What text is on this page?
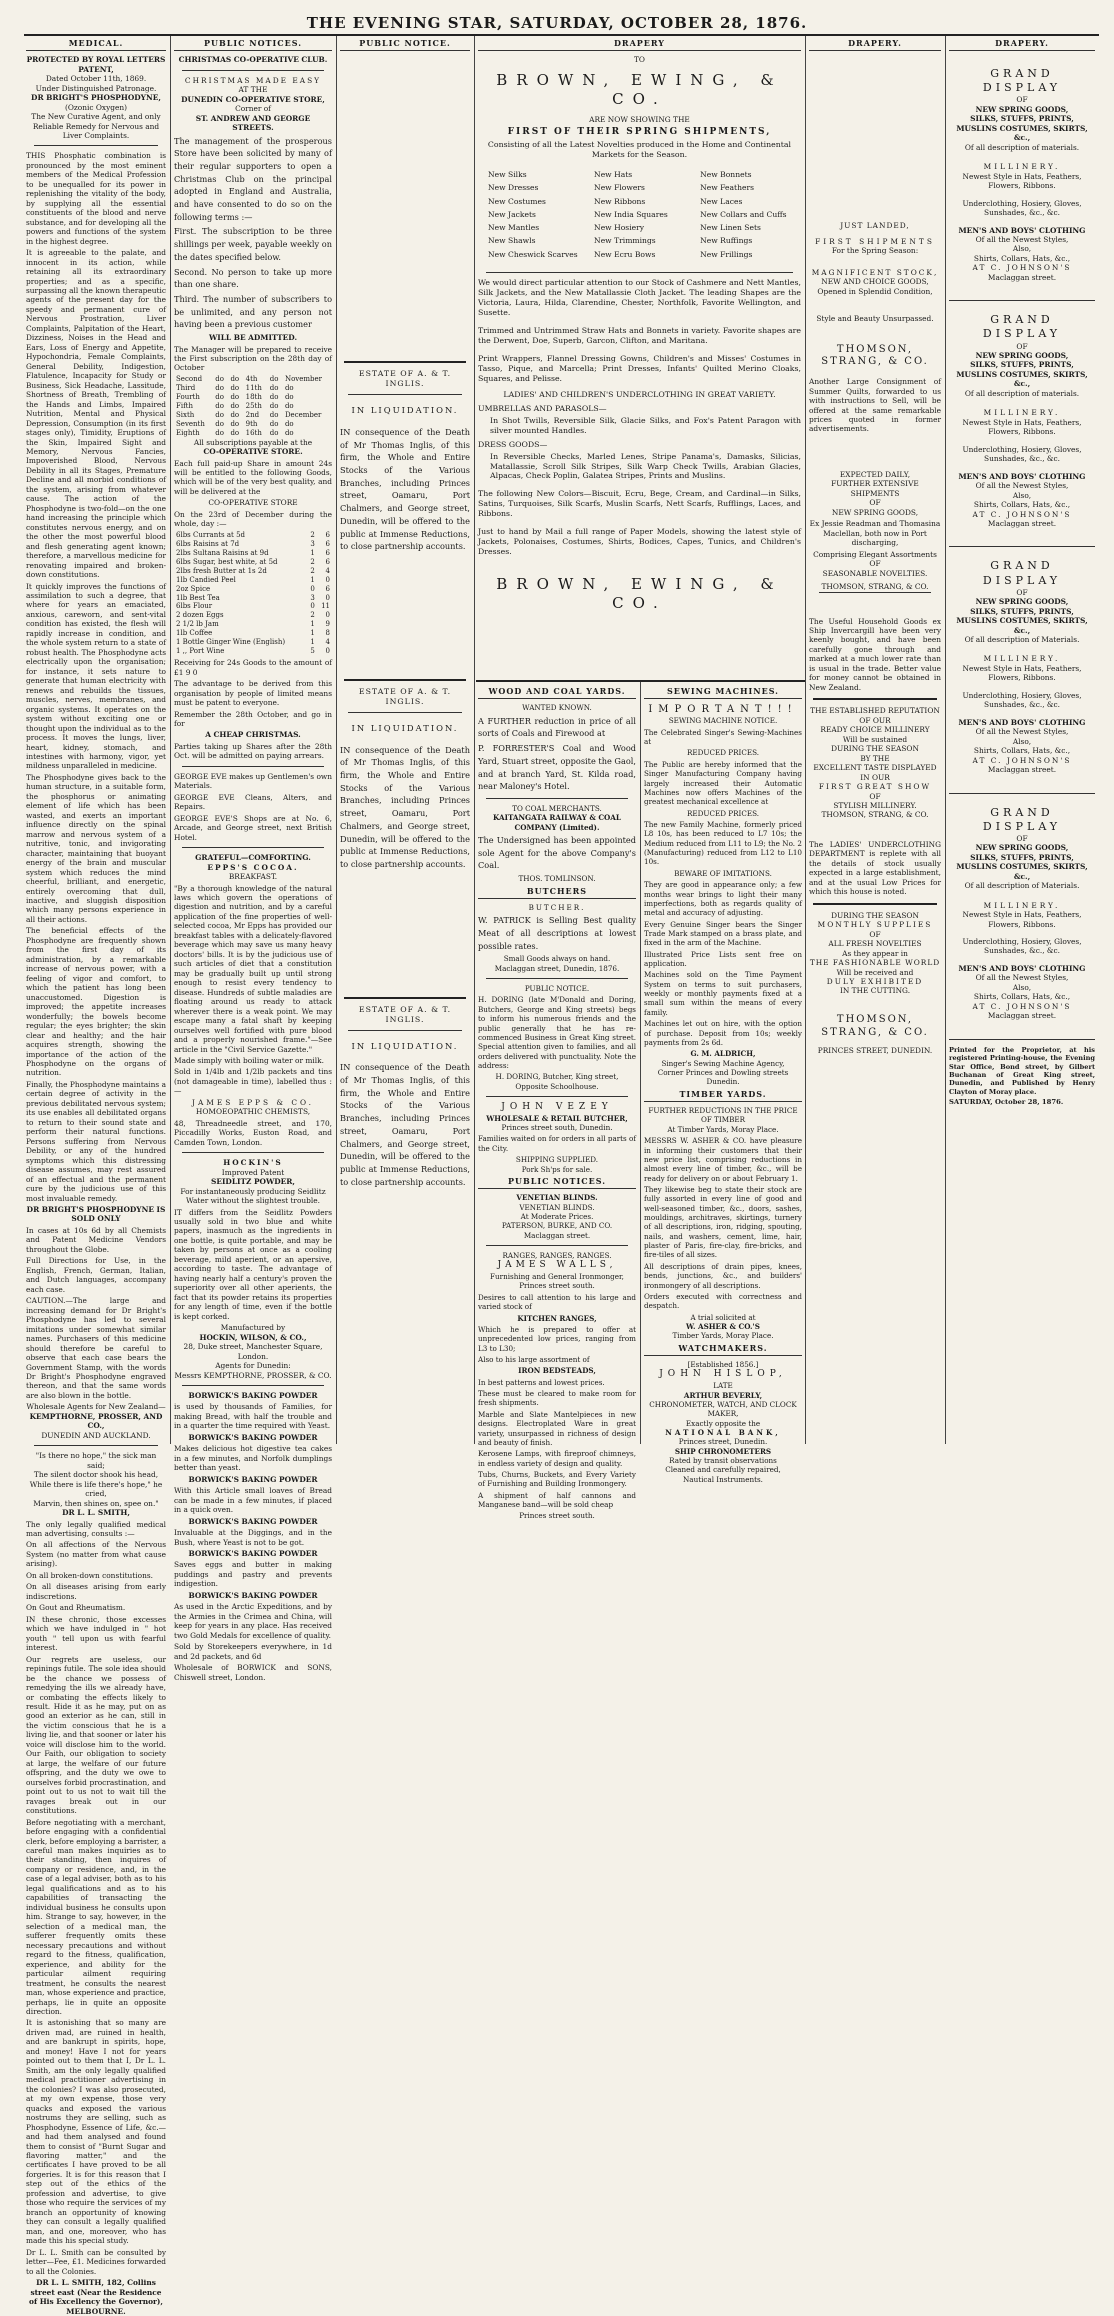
THE EVENING STAR, SATURDAY, OCTOBER 28, 1876.
MEDICAL.
PROTECTED BY ROYAL LETTERS PATENT,
Dated October 11th, 1869.
Under Distinguished Patronage.
DR BRIGHT'S PHOSPHODYNE,
(Ozonic Oxygen)
The New Curative Agent, and only Reliable Remedy for Nervous and Liver Complaints.

THIS Phosphatic combination is pronounced by the most eminent members of the Medical Profession to be unequalled for its power in replenishing the vitality of the body, by supplying all the essential constituents of the blood and nerve substance, and for developing all the powers and functions of the system in the highest degree.

It is agreeable to the palate, and innocent in its action, while retaining all its extraordinary properties; and as a specific, surpassing all the known therapeutic agents of the present day for the speedy and permanent cure of Nervous Prostration, Liver Complaints, Palpitation of the Heart, Dizziness, Noises in the Head and Ears, Loss of Energy and Appetite, Hypochondria, Female Complaints, General Debility, Indigestion, Flatulence, Incapacity for Study or Business, Sick Headache, Lassitude, Shortness of Breath, Trembling of the Hands and Limbs, Impaired Nutrition, Mental and Physical Depression, Consumption (in its first stages only), Timidity, Eruptions of the Skin, Impaired Sight and Memory, Nervous Fancies, Impoverished Blood, Nervous Debility in all its Stages, Premature Decline and all morbid conditions of the system, arising from whatever cause. The action of the Phosphodyne is two-fold—on the one hand increasing the principle which constitutes nervous energy, and on the other the most powerful blood and flesh generating agent known; therefore, a marvellous medicine for renovating impaired and broken-down constitutions.

It quickly improves the functions of assimilation to such a degree, that where for years an emaciated, anxious, careworn, and sent-vital condition has existed, the flesh will rapidly increase in condition, and the whole system return to a state of robust health. The Phosphodyne acts electrically upon the organisation; for instance, it sets nature to generate that human electricity with renews and rebuilds the tissues, muscles, nerves, membranes, and organic systems. It operates on the system without exciting one or thought upon the individual as to the process. It moves the lungs, liver, heart, kidney, stomach, and intestines with harmony, vigor, yet mildness unparalleled in medicine.

The Phosphodyne gives back to the human structure, in a suitable form, the phosphorus or animating element of life which has been wasted, and exerts an important influence directly on the spinal marrow and nervous system of a nutritive, tonic, and invigorating character, maintaining that buoyant energy of the brain and muscular system which reduces the mind cheerful, brilliant, and energetic, entirely overcoming that dull, inactive, and sluggish disposition which many persons experience in all their actions.

The beneficial effects of the Phosphodyne are frequently shown from the first day of its administration, by a remarkable increase of nervous power, with a feeling of vigor and comfort, to which the patient has long been unaccustomed. Digestion is improved; the appetite increases wonderfully; the bowels become regular; the eyes brighter; the skin clear and healthy; and the hair acquires strength, showing the importance of the action of the Phosphodyne on the organs of nutrition.

Finally, the Phosphodyne maintains a certain degree of activity in the previous debilitated nervous system; its use enables all debilitated organs to return to their sound state and perform their natural functions. Persons suffering from Nervous Debility, or any of the hundred symptoms which this distressing disease assumes, may rest assured of an effectual and the permanent cure by the judicious use of this most invaluable remedy.

DR BRIGHT'S PHOSPHODYNE IS SOLD ONLY

In cases at 10s 6d by all Chemists and Patent Medicine Vendors throughout the Globe.

Full Directions for Use, in the English, French, German, Italian, and Dutch languages, accompany each case.

CAUTION.—The large and increasing demand for Dr Bright's Phosphodyne has led to several imitations under somewhat similar names. Purchasers of this medicine should therefore be careful to observe that each case bears the Government Stamp, with the words Dr Bright's Phosphodyne engraved thereon, and that the same words are also blown in the bottle.

Wholesale Agents for New Zealand—
KEMPTHORNE, PROSSER, AND CO.,
DUNEDIN AND AUCKLAND.
"Is there no hope," the sick man said;
The silent doctor shook his head,
While there is life there's hope," he cried,
Marvin, then shines on, spee on."
DR L. L. SMITH,

The only legally qualified medical man advertising, consults :—

On all affections of the Nervous System (no matter from what cause arising).

On all broken-down constitutions.

On all diseases arising from early indiscretions.

On Gout and Rheumatism.

IN these chronic, those excesses which we have indulged in " hot youth " tell upon us with fearful interest.

Our regrets are useless, our repinings futile. The sole idea should be the chance we possess of remedying the ills we already have, or combating the effects likely to result. Hide it as he may, put on as good an exterior as he can, still in the victim conscious that he is a living lie, and that sooner or later his voice will disclose him to the world. Our Faith, our obligation to society at large, the welfare of our future offspring, and the duty we owe to ourselves forbid procrastination, and point out to us not to wait till the ravages break out in our constitutions.

Before negotiating with a merchant, before engaging with a confidential clerk, before employing a barrister, a careful man makes inquiries as to their standing, then inquires of company or residence, and, in the case of a legal adviser, both as to his legal qualifications and as to his capabilities of transacting the individual business he consults upon him. Strange to say, however, in the selection of a medical man, the sufferer frequently omits these necessary precautions and without regard to the fitness, qualification, experience, and ability for the particular ailment requiring treatment, he consults the nearest man, whose experience and practice, perhaps, lie in quite an opposite direction.

It is astonishing that so many are driven mad, are ruined in health, and are bankrupt in spirits, hope, and money! Have I not for years pointed out to them that I, Dr L. L. Smith, am the only legally qualified medical practitioner advertising in the colonies? I was also prosecuted, at my own expense, those very quacks and exposed the various nostrums they are selling, such as Phosphodyne, Essence of Life, &c.—and had them analysed and found them to consist of "Burnt Sugar and flavoring matter," and the certificates I have proved to be all forgeries. It is for this reason that I step out of the ethics of the profession and advertise, to give those who require the services of my branch an opportunity of knowing they can consult a legally qualified man, and one, moreover, who has made this his special study.

Dr L. L. Smith can be consulted by letter—Fee, £1. Medicines forwarded to all the Colonies.

DR L. L. SMITH, 182, Collins street east (Near the Residence of His Excellency the Governor),
MELBOURNE.
PUBLIC NOTICES.
CHRISTMAS CO-OPERATIVE CLUB.
CHRISTMAS MADE EASY
AT THE
DUNEDIN CO-OPERATIVE STORE,
Corner of
ST. ANDREW AND GEORGE STREETS.

The management of the prosperous Store have been solicited by many of their regular supporters to open a Christmas Club on the principal adopted in England and Australia, and have consented to do so on the following terms :—

First. The subscription to be three shillings per week, payable weekly on the dates specified below.

Second. No person to take up more than one share.

Third. The number of subscribers to be unlimited, and any person not having been a previous customer

WILL BE ADMITTED.

The Manager will be prepared to receive the First subscription on the 28th day of October

Second	do	do	4th	do	November
Third	do	do	11th	do	do
Fourth	do	do	18th	do	do
Fifth	do	do	25th	do	do
Sixth	do	do	2nd	do	December
Seventh	do	do	9th	do	do
Eighth	do	do	16th	do	do
All subscriptions payable at the
CO-OPERATIVE STORE.

Each full paid-up Share in amount 24s will be entitled to the following Goods, which will be of the very best quality, and will be delivered at the

CO-OPERATIVE STORE

On the 23rd of December during the whole, day :—

6lbs Currants at 5d	2	6
6lbs Raisins at 7d	3	6
2lbs Sultana Raisins at 9d	1	6
6lbs Sugar, best white, at 5d	2	6
2lbs fresh Butter at 1s 2d	2	4
1lb Candied Peel	1	0
2oz Spice	0	6
1lb Best Tea	3	0
6lbs Flour	0	11
2 dozen Eggs	2	0
2 1/2 lb Jam	1	9
1lb Coffee	1	8
1 Bottle Ginger Wine (English)	1	4
1 ,, Port Wine	5	0

Receiving for 24s Goods to the amount of £1 9 0

The advantage to be derived from this organisation by people of limited means must be patent to everyone.

Remember the 28th October, and go in for

A CHEAP CHRISTMAS.

Parties taking up Shares after the 28th Oct. will be admitted on paying arrears.

GEORGE EVE makes up Gentlemen's own Materials.

GEORGE EVE Cleans, Alters, and Repairs.

GEORGE EVE'S Shops are at No. 6, Arcade, and George street, next British Hotel.

GRATEFUL—COMFORTING.
EPPS'S COCOA.
BREAKFAST.

"By a thorough knowledge of the natural laws which govern the operations of digestion and nutrition, and by a careful application of the fine properties of well-selected cocoa, Mr Epps has provided our breakfast tables with a delicately-flavored beverage which may save us many heavy doctors' bills. It is by the judicious use of such articles of diet that a constitution may be gradually built up until strong enough to resist every tendency to disease. Hundreds of subtle maladies are floating around us ready to attack wherever there is a weak point. We may escape many a fatal shaft by keeping ourselves well fortified with pure blood and a properly nourished frame."—See article in the "Civil Service Gazette."

Made simply with boiling water or milk.

Sold in 1/4lb and 1/2lb packets and tins (not damageable in time), labelled thus :—

JAMES EPPS & CO.
HOMOEOPATHIC CHEMISTS,

48, Threadneedle street, and 170, Piccadilly Works, Euston Road, and Camden Town, London.

HOCKIN'S
Improved Patent
SEIDLITZ POWDER,
For instantaneously producing Seidlitz Water without the slightest trouble.

IT differs from the Seidlitz Powders usually sold in two blue and white papers, inasmuch as the ingredients in one bottle, is quite portable, and may be taken by persons at once as a cooling beverage, mild aperient, or an apersive, according to taste. The advantage of having nearly half a century's proven the superiority over all other aperients, the fact that its powder retains its properties for any length of time, even if the bottle is kept corked.

Manufactured by
HOCKIN, WILSON, & CO.,
28, Duke street, Manchester Square, London.
Agents for Dunedin:
Messrs KEMPTHORNE, PROSSER, & CO.
BORWICK'S BAKING POWDER

is used by thousands of Families, for making Bread, with half the trouble and in a quarter the time required with Yeast.

BORWICK'S BAKING POWDER

Makes delicious hot digestive tea cakes in a few minutes, and Norfolk dumplings better than yeast.

BORWICK'S BAKING POWDER

With this Article small loaves of Bread can be made in a few minutes, if placed in a quick oven.

BORWICK'S BAKING POWDER

Invaluable at the Diggings, and in the Bush, where Yeast is not to be got.

BORWICK'S BAKING POWDER

Saves eggs and butter in making puddings and pastry and prevents indigestion.

BORWICK'S BAKING POWDER

As used in the Arctic Expeditions, and by the Armies in the Crimea and China, will keep for years in any place. Has received two Gold Medals for excellence of quality.

Sold by Storekeepers everywhere, in 1d and 2d packets, and 6d

Wholesale of BORWICK and SONS, Chiswell street, London.

PUBLIC NOTICE.
ESTATE OF A. & T. INGLIS.
IN LIQUIDATION.

IN consequence of the Death of Mr Thomas Inglis, of this firm, the Whole and Entire Stocks of the Various Branches, including Princes street, Oamaru, Port Chalmers, and George street, Dunedin, will be offered to the public at Immense Reductions, to close partnership accounts.

ESTATE OF A. & T. INGLIS.
IN LIQUIDATION.

IN consequence of the Death of Mr Thomas Inglis, of this firm, the Whole and Entire Stocks of the Various Branches, including Princes street, Oamaru, Port Chalmers, and George street, Dunedin, will be offered to the public at Immense Reductions, to close partnership accounts.

ESTATE OF A. & T. INGLIS.
IN LIQUIDATION.

IN consequence of the Death of Mr Thomas Inglis, of this firm, the Whole and Entire Stocks of the Various Branches, including Princes street, Oamaru, Port Chalmers, and George street, Dunedin, will be offered to the public at Immense Reductions, to close partnership accounts.

DRAPERY
TO
BROWN, EWING, & CO.
ARE NOW SHOWING THE
FIRST OF THEIR SPRING SHIPMENTS,

Consisting of all the Latest Novelties produced in the Home and Continental Markets for the Season.

New Silks
New Dresses
New Costumes
New Jackets
New Mantles
New Shawls
New Cheswick Scarves
New Hats
New Flowers
New Ribbons
New India Squares
New Hosiery
New Trimmings
New Ecru Bows
New Bonnets
New Feathers
New Laces
New Collars and Cuffs
New Linen Sets
New Ruffings
New Frillings

We would direct particular attention to our Stock of Cashmere and Nett Mantles, Silk Jackets, and the New Matallassie Cloth Jacket. The leading Shapes are the Victoria, Laura, Hilda, Clarendine, Chester, Northfolk, Favorite Wellington, and Susette.

Trimmed and Untrimmed Straw Hats and Bonnets in variety. Favorite shapes are the Derwent, Doe, Superb, Garcon, Clifton, and Maritana.

Print Wrappers, Flannel Dressing Gowns, Children's and Misses' Costumes in Tasso, Pique, and Marcella; Print Dresses, Infants' Quilted Merino Cloaks, Squares, and Pelisse.

LADIES' AND CHILDREN'S UNDERCLOTHING IN GREAT VARIETY.
UMBRELLAS AND PARASOLS—

In Shot Twills, Reversible Silk, Glacie Silks, and Fox's Patent Paragon with silver mounted Handles.

DRESS GOODS—

In Reversible Checks, Marled Lenes, Stripe Panama's, Damasks, Silicias, Matallassie, Scroll Silk Stripes, Silk Warp Check Twills, Arabian Glacies, Alpacas, Check Poplin, Galatea Stripes, Prints and Muslins.

The following New Colors—Biscuit, Ecru, Bege, Cream, and Cardinal—in Silks, Satins, Turquoises, Silk Scarfs, Muslin Scarfs, Nett Scarfs, Rufflings, Laces, and Ribbons.

Just to hand by Mail a full range of Paper Models, showing the latest style of Jackets, Polonaises, Costumes, Shirts, Bodices, Capes, Tunics, and Children's Dresses.

BROWN, EWING, & CO.
WOOD AND COAL YARDS.
WANTED KNOWN.

A FURTHER reduction in price of all sorts of Coals and Firewood at

P. FORRESTER'S Coal and Wood Yard, Stuart street, opposite the Gaol, and at branch Yard, St. Kilda road, near Maloney's Hotel.

TO COAL MERCHANTS.
KAITANGATA RAILWAY & COAL COMPANY (Limited).

The Undersigned has been appointed sole Agent for the above Company's Coal.

THOS. TOMLINSON.
BUTCHERS
BUTCHER.

W. PATRICK is Selling Best quality Meat of all descriptions at lowest possible rates.

Small Goods always on hand.
Maclaggan street, Dunedin, 1876.
PUBLIC NOTICE.

H. DORING (late M'Donald and Doring, Butchers, George and King streets) begs to inform his numerous friends and the public generally that he has re-commenced Business in Great King street. Special attention given to families, and all orders delivered with punctuality. Note the address:

H. DORING, Butcher, King street,
Opposite Schoolhouse.
JOHN VEZEY
WHOLESALE & RETAIL BUTCHER,
Princes street south, Dunedin.

Families waited on for orders in all parts of the City.

SHIPPING SUPPLIED.
Pork Sh'ps for sale.
PUBLIC NOTICES.
VENETIAN BLINDS.
VENETIAN BLINDS.
At Moderate Prices.
PATERSON, BURKE, AND CO.
Maclaggan street.
RANGES, RANGES, RANGES.
JAMES WALLS,
Furnishing and General Ironmonger, Princes street south.

Desires to call attention to his large and varied stock of

KITCHEN RANGES,

Which he is prepared to offer at unprecedented low prices, ranging from L3 to L30;

Also to his large assortment of

IRON BEDSTEADS,

In best patterns and lowest prices.

These must be cleared to make room for fresh shipments.

Marble and Slate Mantelpieces in new designs. Electroplated Ware in great variety, unsurpassed in richness of design and beauty of finish.

Kerosene Lamps, with fireproof chimneys, in endless variety of design and quality.

Tubs, Churns, Buckets, and Every Variety of Furnishing and Building Ironmongery.

A shipment of half cannons and Manganese band—will be sold cheap

Princes street south.
SEWING MACHINES.
IMPORTANT!!!
SEWING MACHINE NOTICE.

The Celebrated Singer's Sewing-Machines at

REDUCED PRICES.

The Public are hereby informed that the Singer Manufacturing Company having largely increased their Automatic Machines now offers Machines of the greatest mechanical excellence at

REDUCED PRICES.

The new Family Machine, formerly priced L8 10s, has been reduced to L7 10s; the Medium reduced from L11 to L9; the No. 2 (Manufacturing) reduced from L12 to L10 10s.

BEWARE OF IMITATIONS.

They are good in appearance only; a few months wear brings to light their many imperfections, both as regards quality of metal and accuracy of adjusting.

Every Genuine Singer bears the Singer Trade Mark stamped on a brass plate, and fixed in the arm of the Machine.

Illustrated Price Lists sent free on application.

Machines sold on the Time Payment System on terms to suit purchasers, weekly or monthly payments fixed at a small sum within the means of every family.

Machines let out on hire, with the option of purchase. Deposit from 10s; weekly payments from 2s 6d.

G. M. ALDRICH,
Singer's Sewing Machine Agency,
Corner Princes and Dowling streets
Dunedin.
TIMBER YARDS.
FURTHER REDUCTIONS IN THE PRICE OF TIMBER
At Timber Yards, Moray Place.

MESSRS W. ASHER & CO. have pleasure in informing their customers that their new price list, comprising reductions in almost every line of timber, &c., will be ready for delivery on or about February 1.

They likewise beg to state their stock are fully assorted in every line of good and well-seasoned timber, &c., doors, sashes, mouldings, architraves, skirtings, turnery of all descriptions, iron, ridging, spouting, nails, and washers, cement, lime, hair, plaster of Paris, fire-clay, fire-bricks, and fire-tiles of all sizes.

All descriptions of drain pipes, knees, bends, junctions, &c., and builders' ironmongery of all descriptions.

Orders executed with correctness and despatch.

A trial solicited at
W. ASHER & CO.'S
Timber Yards, Moray Place.
WATCHMAKERS.
[Established 1856.]
JOHN HISLOP,
LATE
ARTHUR BEVERLY,
CHRONOMETER, WATCH, AND CLOCK MAKER,
Exactly opposite the
NATIONAL BANK,
Princes street, Dunedin.
SHIP CHRONOMETERS
Rated by transit observations
Cleaned and carefully repaired,
Nautical Instruments.
DRAPERY.
JUST LANDED,
FIRST SHIPMENTS
For the Spring Season:
MAGNIFICENT STOCK,
NEW AND CHOICE GOODS,
Opened in Splendid Condition,
Style and Beauty Unsurpassed.
THOMSON, STRANG, & CO.

Another Large Consignment of Summer Quilts, forwarded to us with instructions to Sell, will be offered at the same remarkable prices quoted in former advertisements.

EXPECTED DAILY,
FURTHER EXTENSIVE SHIPMENTS
OF
NEW SPRING GOODS,

Ex Jessie Readman and Thomasina Maclellan, both now in Port discharging,

Comprising Elegant Assortments
OF
SEASONABLE NOVELTIES.
THOMSON, STRANG, & CO.

The Useful Household Goods ex Ship Invercargill have been very keenly bought, and have been carefully gone through and marked at a much lower rate than is usual in the trade. Better value for money cannot be obtained in New Zealand.

THE ESTABLISHED REPUTATION
OF OUR
READY CHOICE MILLINERY
Will be sustained
DURING THE SEASON
BY THE
EXCELLENT TASTE DISPLAYED
IN OUR
FIRST GREAT SHOW
OF
STYLISH MILLINERY.
THOMSON, STRANG, & CO.

The LADIES' UNDERCLOTHING DEPARTMENT is replete with all the details of stock usually expected in a large establishment, and at the usual Low Prices for which this house is noted.

DURING THE SEASON
MONTHLY SUPPLIES
OF
ALL FRESH NOVELTIES
As they appear in
THE FASHIONABLE WORLD
Will be received and
DULY EXHIBITED
IN THE CUTTING.
THOMSON, STRANG, & CO.
PRINCES STREET, DUNEDIN.
DRAPERY.
GRAND DISPLAY
OF
NEW SPRING GOODS,
SILKS, STUFFS, PRINTS, MUSLINS COSTUMES, SKIRTS, &c.,
Of all description of materials.
MILLINERY.
Newest Style in Hats, Feathers, Flowers, Ribbons.
Underclothing, Hosiery, Gloves, Sunshades, &c., &c.
MEN'S AND BOYS' CLOTHING
Of all the Newest Styles,
Also,
Shirts, Collars, Hats, &c.,
AT C. JOHNSON'S
Maclaggan street.
GRAND DISPLAY
OF
NEW SPRING GOODS,
SILKS, STUFFS, PRINTS, MUSLINS COSTUMES, SKIRTS, &c.,
Of all description of materials.
MILLINERY.
Newest Style in Hats, Feathers, Flowers, Ribbons.
Underclothing, Hosiery, Gloves, Sunshades, &c., &c.
MEN'S AND BOYS' CLOTHING
Of all the Newest Styles,
Also,
Shirts, Collars, Hats, &c.,
AT C. JOHNSON'S
Maclaggan street.
GRAND DISPLAY
OF
NEW SPRING GOODS,
SILKS, STUFFS, PRINTS, MUSLINS COSTUMES, SKIRTS, &c.,
Of all description of Materials.
MILLINERY.
Newest Style in Hats, Feathers, Flowers, Ribbons.
Underclothing, Hosiery, Gloves, Sunshades, &c., &c.
MEN'S AND BOYS' CLOTHING
Of all the Newest Styles,
Also,
Shirts, Collars, Hats, &c.,
AT C. JOHNSON'S
Maclaggan street.
GRAND DISPLAY
OF
NEW SPRING GOODS,
SILKS, STUFFS, PRINTS, MUSLINS COSTUMES, SKIRTS, &c.,
Of all description of Materials.
MILLINERY.
Newest Style in Hats, Feathers, Flowers, Ribbons.
Underclothing, Hosiery, Gloves, Sunshades, &c., &c.
MEN'S AND BOYS' CLOTHING
Of all the Newest Styles,
Also,
Shirts, Collars, Hats, &c.,
AT C. JOHNSON'S
Maclaggan street.

Printed for the Proprietor, at his registered Printing-house, the Evening Star Office, Bond street, by Gilbert Buchanan of Great King street, Dunedin, and Published by Henry Clayton of Moray place.

SATURDAY, October 28, 1876.
